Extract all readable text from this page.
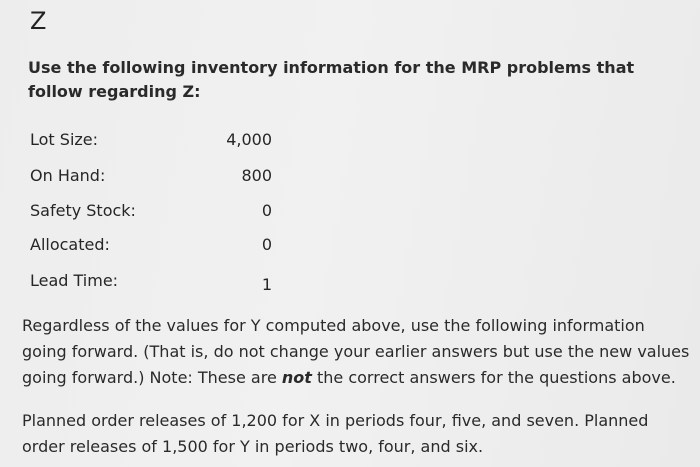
Z
Use the following inventory information for the MRP problems that follow regarding Z:
Lot Size:	4,000
On Hand:	800
Safety Stock:	0
Allocated:	0
Lead Time:	1
Regardless of the values for Y computed above, use the following information going forward. (That is, do not change your earlier answers but use the new values going forward.) Note: These are not the correct answers for the questions above.
Planned order releases of 1,200 for X in periods four, five, and seven. Planned order releases of 1,500 for Y in periods two, four, and six.
